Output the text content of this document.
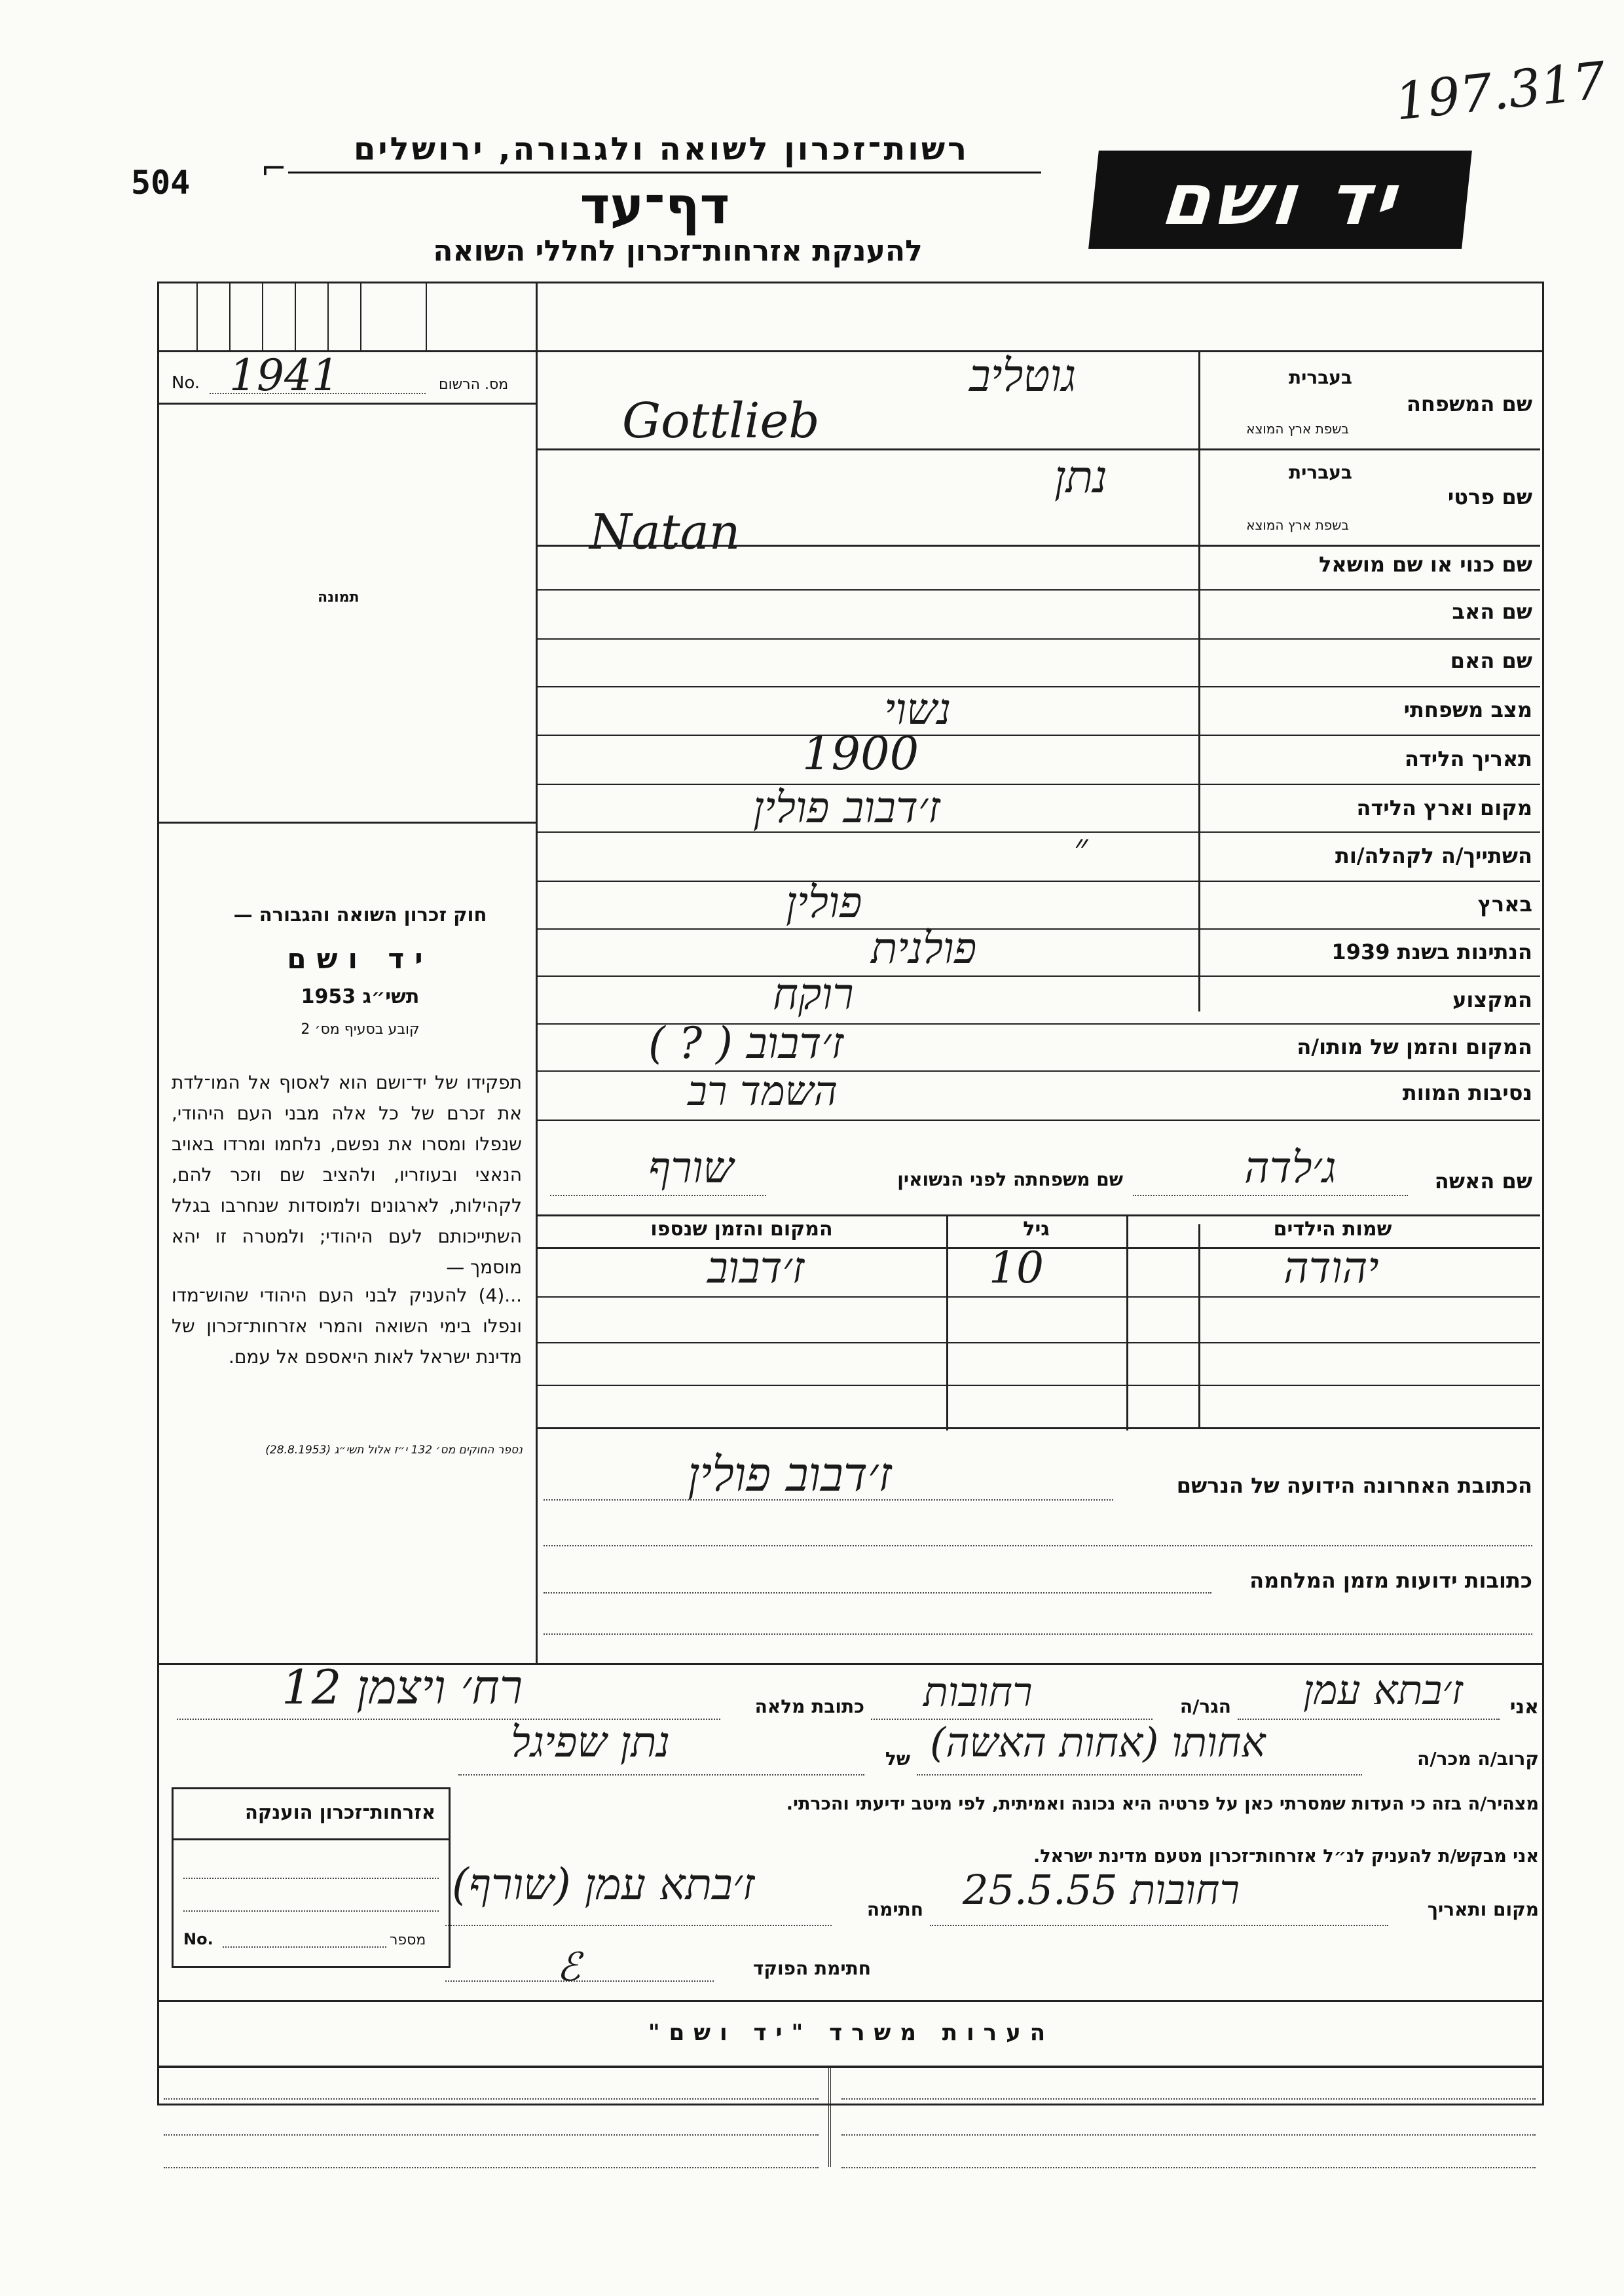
197.317
504 ⌐
רשות־זכרון לשואה ולגבורה, ירושלים
דף־עד
להענקת אזרחות־זכרון לחללי השואה
יד ושם
No. 1941	מס. הרשום
תמונה
חוק זכרון השואה והגבורה —
יד ושם
תשי״ג 1953
קובע בסעיף מס׳ 2
תפקידו של יד־ושם הוא לאסוף אל המו־לדת את זכרם של כל אלה מבני העם היהודי, שנפלו ומסרו את נפשם, נלחמו ומרדו באויב הנאצי ובעוזריו, ולהציב שם וזכר להם, לקהילות, לארגונים ולמוסדות שנחרבו בגלל השתייכותם לעם היהודי; ולמטרה זו יהא מוסמך —
...(4) להעניק לבני העם היהודי שהוש־מדו ונפלו בימי השואה והמרי אזרחות־זכרון של מדינת ישראל לאות היאספם אל עמם.
נספר החוקים מס׳ 132 י״ז אלול תשי״ג (28.8.1953)
שם המשפחה
בעברית
בשפת ארץ המוצא
גוטליב
Gottlieb
שם פרטי
בעברית
בשפת ארץ המוצא
נתן
Natan
שם כנוי או שם מושאל
שם האב
שם האם
מצב משפחתי
נשוי
תאריך הלידה
1900
מקום וארץ הלידה
ז׳דבוב פולין
השתייך/ה לקהלה/ות
״
בארץ
פולין
הנתינות בשנת 1939
פולנית
המקצוע
רוקח
המקום והזמן של מותו/ה
ז׳דבוב ( ? )
נסיבות המוות
השמד רב
שם האשה
ג׳לדה
שם משפחתה לפני הנשואין
שורף
שמות הילדים
גיל
המקום והזמן שנספו
יהודה
10
ז׳דבוב
הכתובת האחרונה הידועה של הנרשם
ז׳דבוב פולין
כתובות ידועות מזמן המלחמה
אני
ז׳בתא עמן
הגר/ה
רחובות
כתובת מלאה
רח׳ ויצמן 12
קרוב/ה מכר/ה
אחותו (אחות האשה)
של
נתן שפיגל
מצהיר/ה בזה כי העדות שמסרתי כאן על פרטיה היא נכונה ואמיתית, לפי מיטב ידיעתי והכרתי.
אני מבקש/ת להעניק לנ״ל אזרחות־זכרון מטעם מדינת ישראל.
מקום ותאריך
רחובות 25.5.55
חתימה
ז׳בתא עמן (שורף)
חתימת הפוקד
ℰ
אזרחות־זכרון הוענקה
No.	מספר
הערות משרד "יד ושם"
